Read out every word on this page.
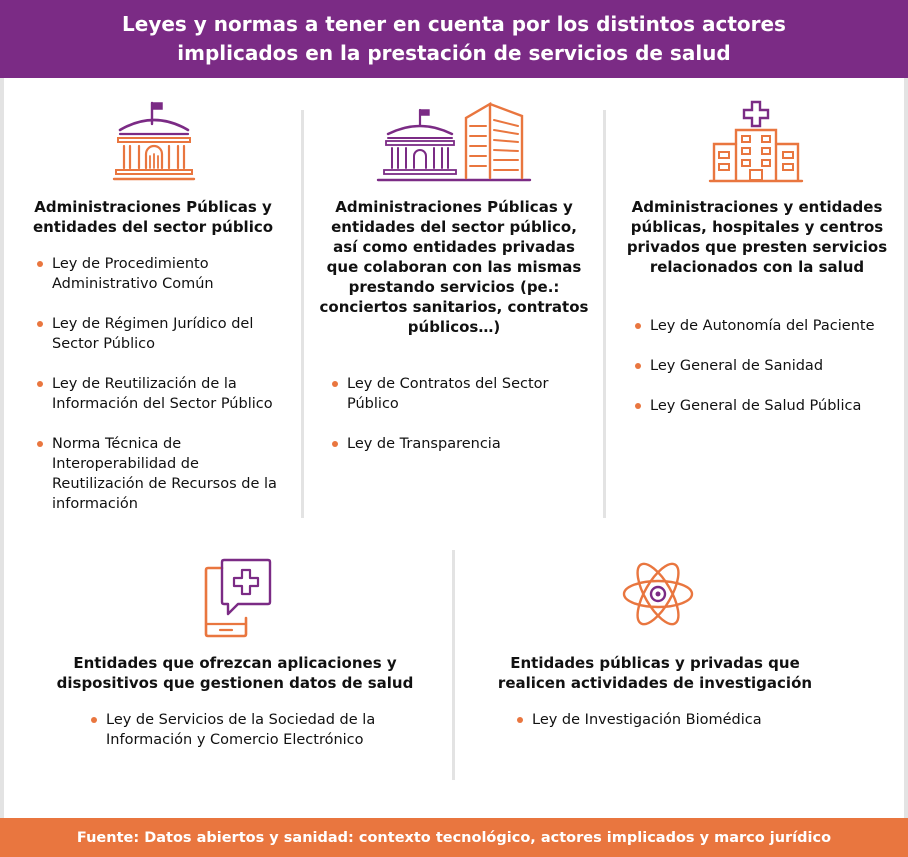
Leyes y normas a tener en cuenta por los distintos actores
implicados en la prestación de servicios de salud
Administraciones Públicas y
entidades del sector público
Ley de Procedimiento Administrativo Común
Ley de Régimen Jurídico del Sector Público
Ley de Reutilización de la Información del Sector Público
Norma Técnica de Interoperabilidad de Reutilización de Recursos de la información
Administraciones Públicas y
entidades del sector público,
así como entidades privadas
que colaboran con las mismas
prestando servicios (pe.:
conciertos sanitarios, contratos
públicos…)
Ley de Contratos del Sector Público
Ley de Transparencia
Administraciones y entidades
públicas, hospitales y centros
privados que presten servicios
relacionados con la salud
Ley de Autonomía del Paciente
Ley General de Sanidad
Ley General de Salud Pública
Entidades que ofrezcan aplicaciones y
dispositivos que gestionen datos de salud
Ley de Servicios de la Sociedad de la Información y Comercio Electrónico
Entidades públicas y privadas que
realicen actividades de investigación
Ley de Investigación Biomédica
Fuente: Datos abiertos y sanidad: contexto tecnológico, actores implicados y marco jurídico
